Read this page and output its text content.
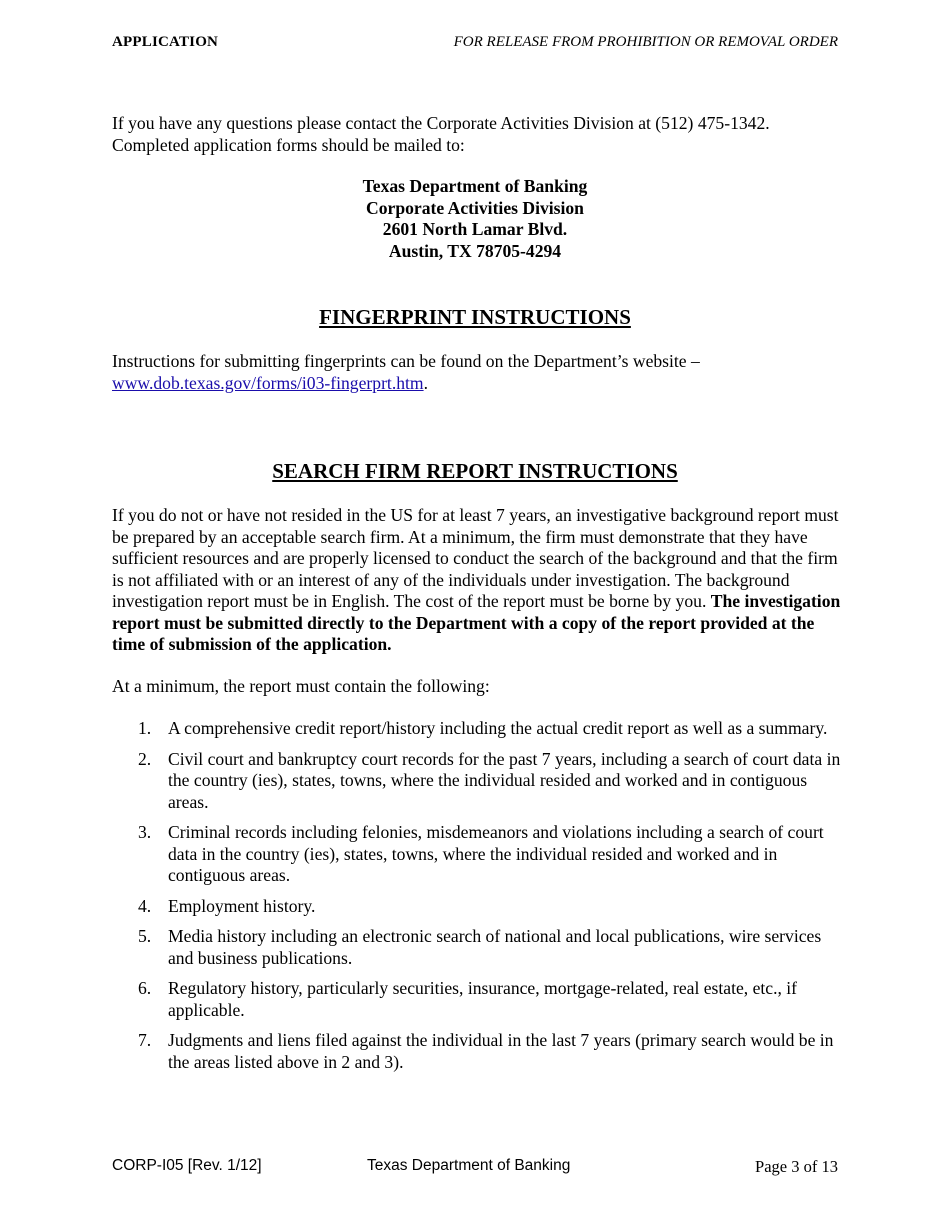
APPLICATION	FOR RELEASE FROM PROHIBITION OR REMOVAL ORDER

If you have any questions please contact the Corporate Activities Division at (512) 475-1342.

Completed application forms should be mailed to:

Texas Department of Banking
Corporate Activities Division
2601 North Lamar Blvd.
Austin, TX 78705-4294
FINGERPRINT INSTRUCTIONS

Instructions for submitting fingerprints can be found on the Department’s website –

www.dob.texas.gov/forms/i03-fingerprt.htm.

SEARCH FIRM REPORT INSTRUCTIONS

If you do not or have not resided in the US for at least 7 years, an investigative background report must be prepared by an acceptable search firm. At a minimum, the firm must demonstrate that they have sufficient resources and are properly licensed to conduct the search of the background and that the firm is not affiliated with or an interest of any of the individuals under investigation. The background investigation report must be in English. The cost of the report must be borne by you. The investigation report must be submitted directly to the Department with a copy of the report provided at the time of submission of the application.

At a minimum, the report must contain the following:
1. A comprehensive credit report/history including the actual credit report as well as a summary.
2. Civil court and bankruptcy court records for the past 7 years, including a search of court data in the country (ies), states, towns, where the individual resided and worked and in contiguous areas.
3. Criminal records including felonies, misdemeanors and violations including a search of court data in the country (ies), states, towns, where the individual resided and worked and in contiguous areas.
4. Employment history.
5. Media history including an electronic search of national and local publications, wire services and business publications.
6. Regulatory history, particularly securities, insurance, mortgage-related, real estate, etc., if applicable.
7. Judgments and liens filed against the individual in the last 7 years (primary search would be in the areas listed above in 2 and 3).
CORP-I05 [Rev. 1/12]	Texas Department of Banking	Page 3 of 13
